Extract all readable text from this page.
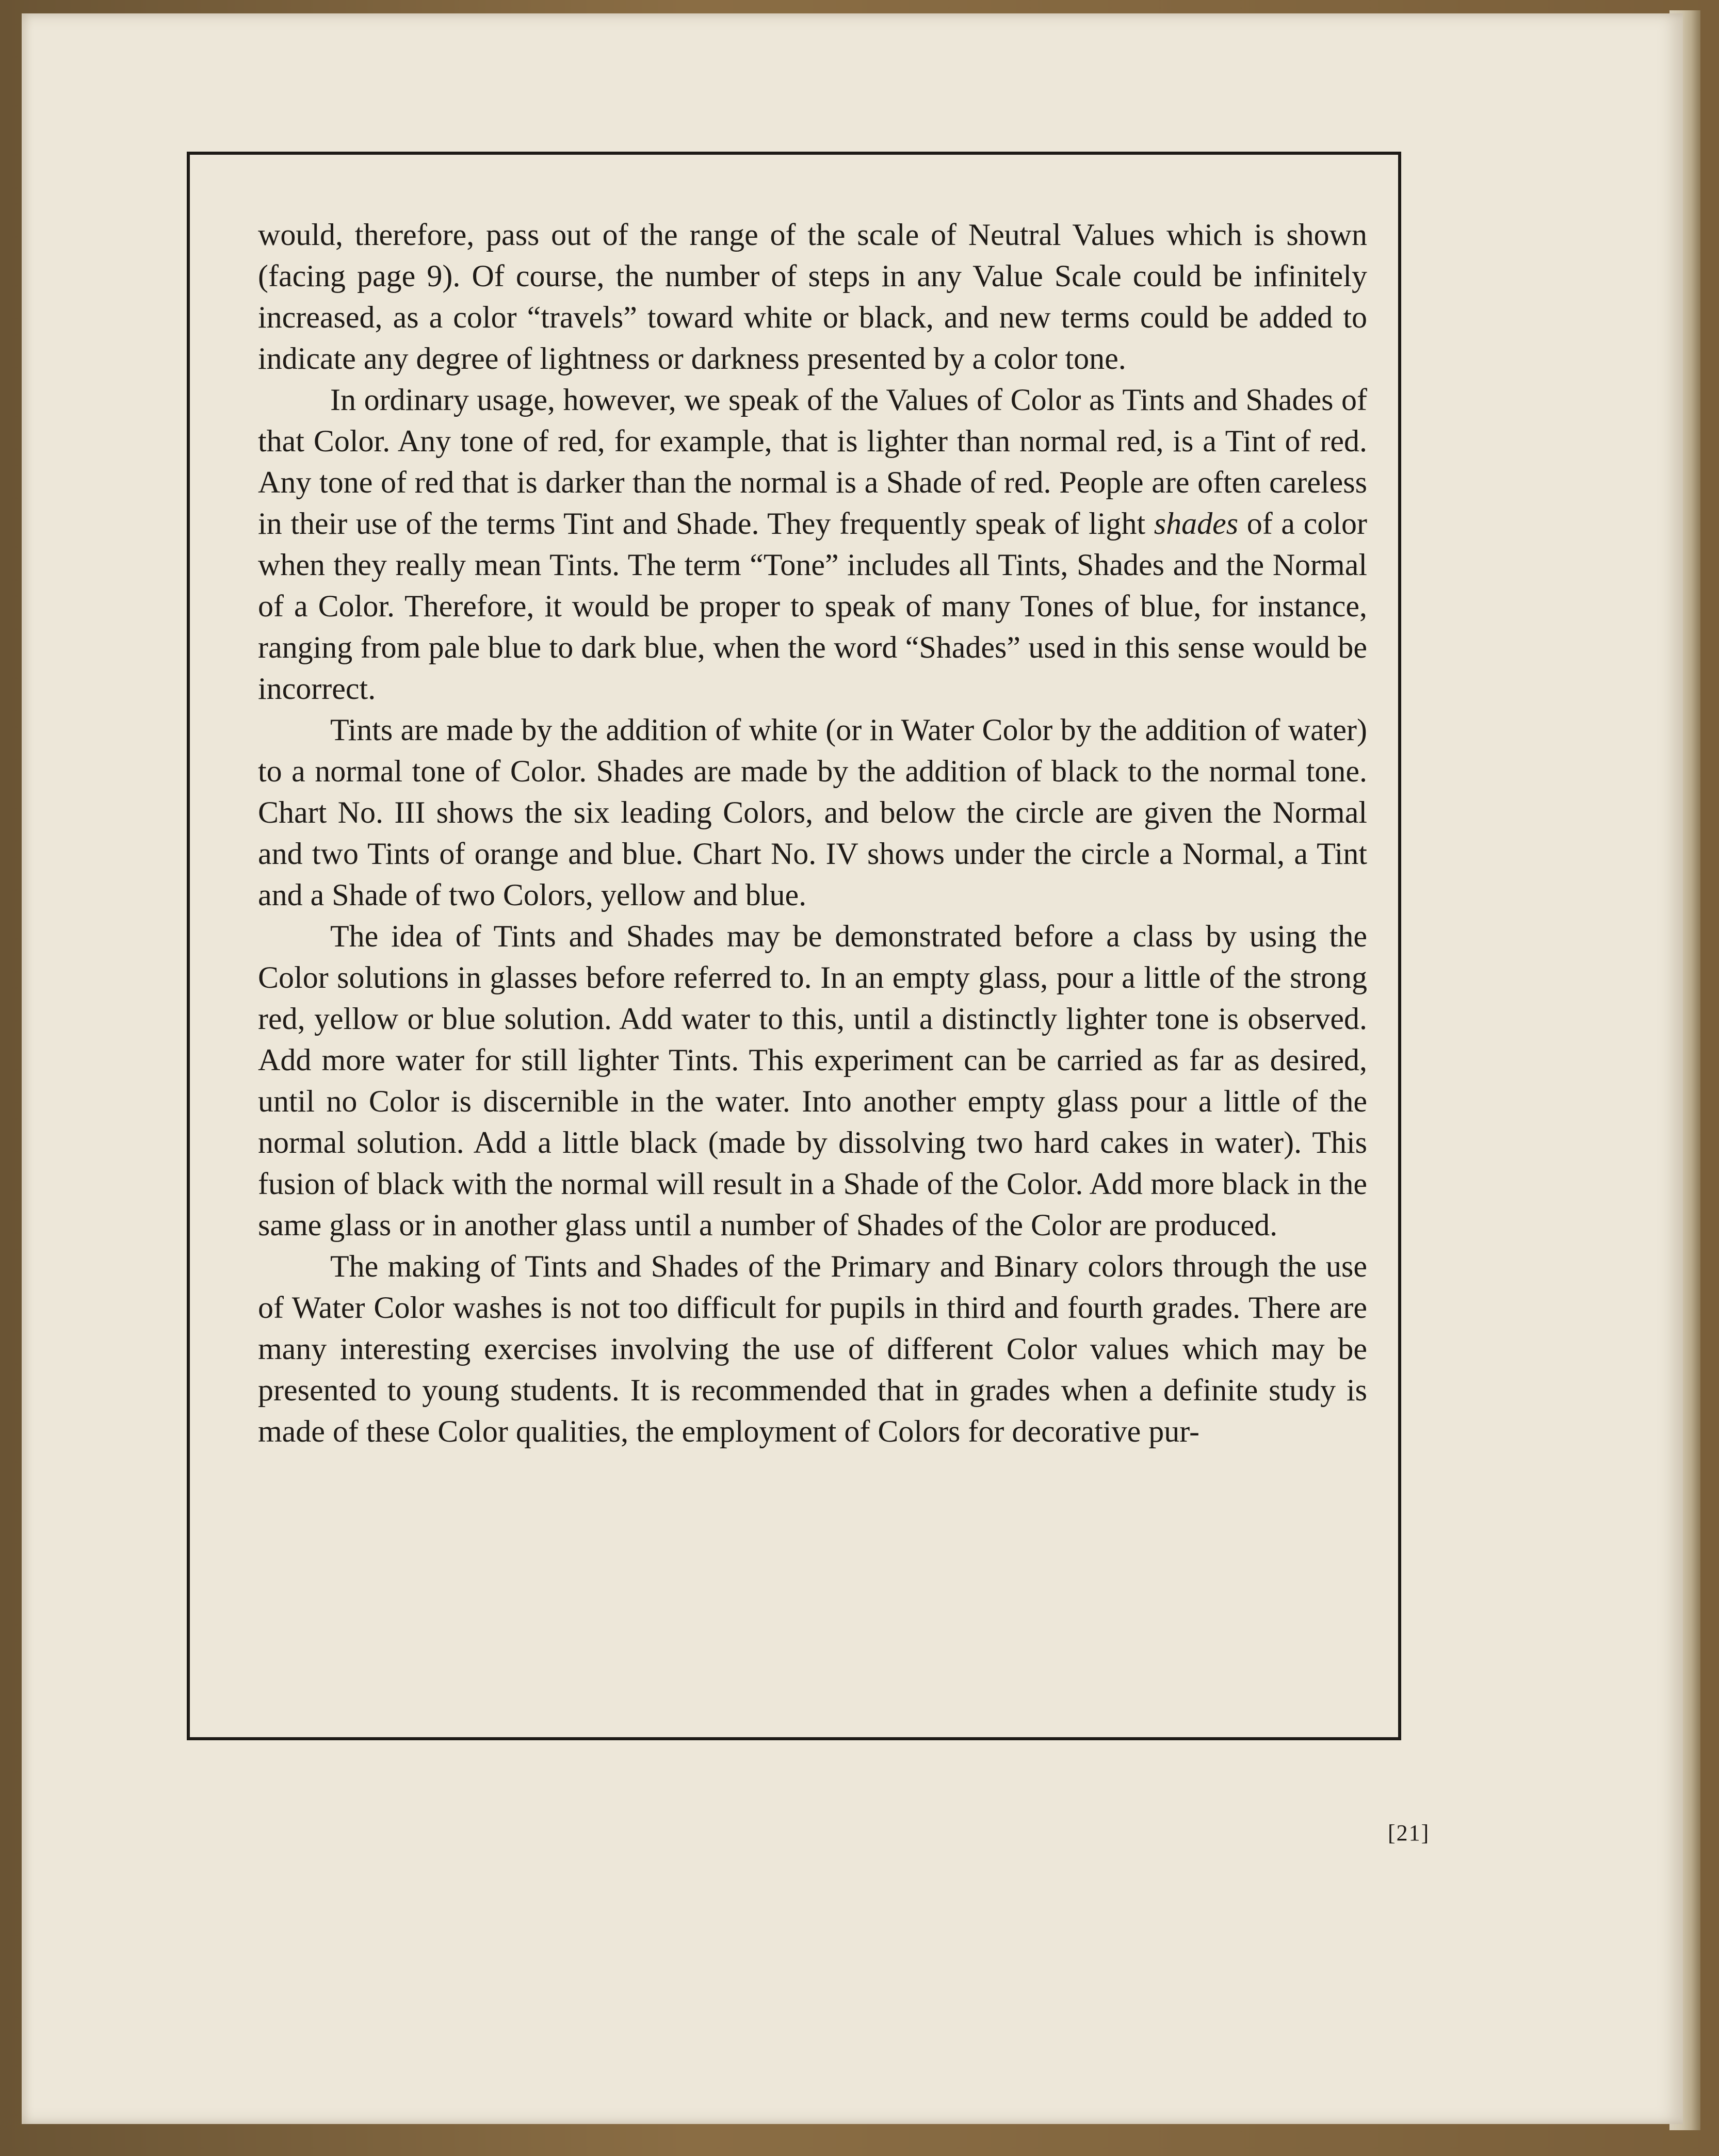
would, therefore, pass out of the range of the scale of Neutral Values which is shown (facing page 9). Of course, the number of steps in any Value Scale could be infinitely increased, as a color “travels” toward white or black, and new terms could be added to indicate any degree of lightness or darkness presented by a color tone.

In ordinary usage, however, we speak of the Values of Color as Tints and Shades of that Color. Any tone of red, for example, that is lighter than normal red, is a Tint of red. Any tone of red that is darker than the normal is a Shade of red. People are often careless in their use of the terms Tint and Shade. They frequently speak of light shades of a color when they really mean Tints. The term “Tone” includes all Tints, Shades and the Normal of a Color. Therefore, it would be proper to speak of many Tones of blue, for instance, ranging from pale blue to dark blue, when the word “Shades” used in this sense would be incorrect.

Tints are made by the addition of white (or in Water Color by the addition of water) to a normal tone of Color. Shades are made by the addition of black to the normal tone. Chart No. III shows the six leading Colors, and below the circle are given the Normal and two Tints of orange and blue. Chart No. IV shows under the circle a Normal, a Tint and a Shade of two Colors, yellow and blue.

The idea of Tints and Shades may be demonstrated before a class by using the Color solutions in glasses before referred to. In an empty glass, pour a little of the strong red, yellow or blue solution. Add water to this, until a distinctly lighter tone is observed. Add more water for still lighter Tints. This experiment can be carried as far as desired, until no Color is discernible in the water. Into another empty glass pour a little of the normal solution. Add a little black (made by dissolving two hard cakes in water). This fusion of black with the normal will result in a Shade of the Color. Add more black in the same glass or in another glass until a number of Shades of the Color are produced.

The making of Tints and Shades of the Primary and Binary colors through the use of Water Color washes is not too difficult for pupils in third and fourth grades. There are many interesting exercises involving the use of different Color values which may be presented to young students. It is recommended that in grades when a definite study is made of these Color qualities, the employment of Colors for decorative pur-

[21]
